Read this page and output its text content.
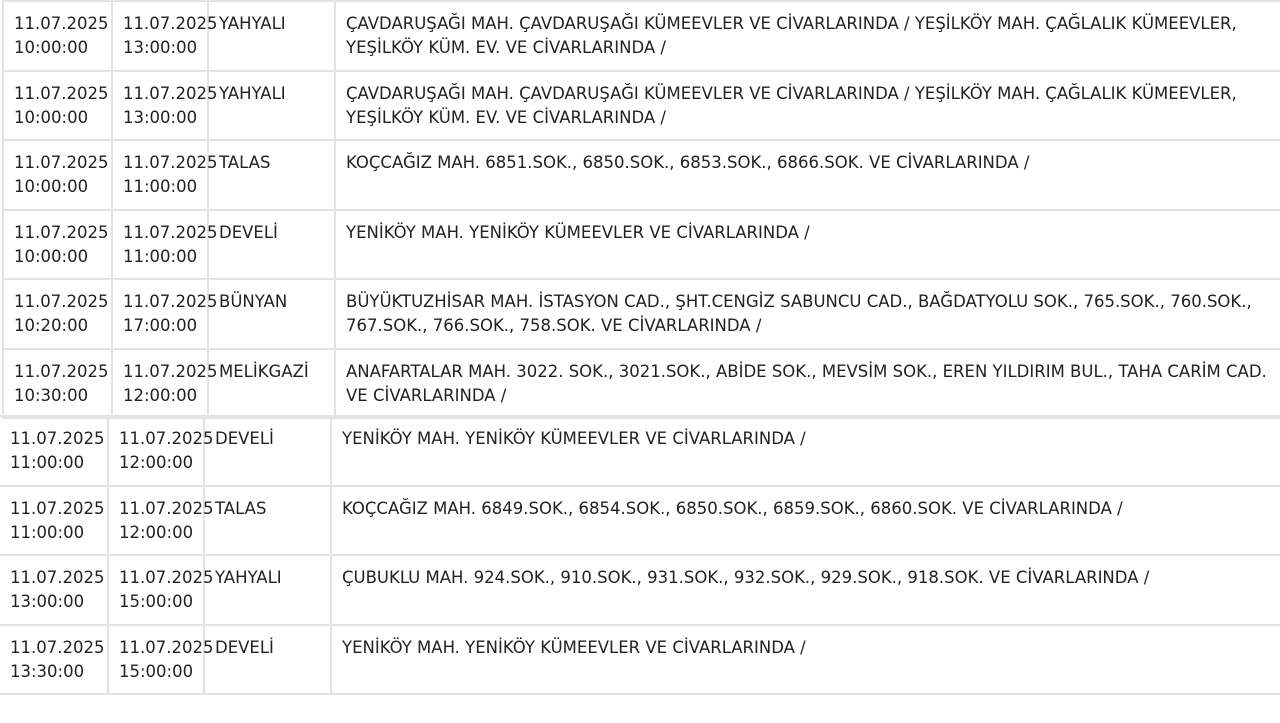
11.07.2025
10:00:00	11.07.2025
13:00:00	YAHYALI	ÇAVDARUŞAĞI MAH. ÇAVDARUŞAĞI KÜMEEVLER VE CİVARLARINDA / YEŞİLKÖY MAH. ÇAĞLALIK KÜMEEVLER, YEŞİLKÖY KÜM. EV. VE CİVARLARINDA /
11.07.2025
10:00:00	11.07.2025
13:00:00	YAHYALI	ÇAVDARUŞAĞI MAH. ÇAVDARUŞAĞI KÜMEEVLER VE CİVARLARINDA / YEŞİLKÖY MAH. ÇAĞLALIK KÜMEEVLER, YEŞİLKÖY KÜM. EV. VE CİVARLARINDA /
11.07.2025
10:00:00	11.07.2025
11:00:00	TALAS	KOÇCAĞIZ MAH. 6851.SOK., 6850.SOK., 6853.SOK., 6866.SOK. VE CİVARLARINDA /
11.07.2025
10:00:00	11.07.2025
11:00:00	DEVELİ	YENİKÖY MAH. YENİKÖY KÜMEEVLER VE CİVARLARINDA /
11.07.2025
10:20:00	11.07.2025
17:00:00	BÜNYAN	BÜYÜKTUZHİSAR MAH. İSTASYON CAD., ŞHT.CENGİZ SABUNCU CAD., BAĞDATYOLU SOK., 765.SOK., 760.SOK., 767.SOK., 766.SOK., 758.SOK. VE CİVARLARINDA /
11.07.2025
10:30:00	11.07.2025
12:00:00	MELİKGAZİ	ANAFARTALAR MAH. 3022. SOK., 3021.SOK., ABİDE SOK., MEVSİM SOK., EREN YILDIRIM BUL., TAHA CARİM CAD. VE CİVARLARINDA /
11.07.2025
11:00:00	11.07.2025
12:00:00	DEVELİ	YENİKÖY MAH. YENİKÖY KÜMEEVLER VE CİVARLARINDA /
11.07.2025
11:00:00	11.07.2025
12:00:00	TALAS	KOÇCAĞIZ MAH. 6849.SOK., 6854.SOK., 6850.SOK., 6859.SOK., 6860.SOK. VE CİVARLARINDA /
11.07.2025
13:00:00	11.07.2025
15:00:00	YAHYALI	ÇUBUKLU MAH. 924.SOK., 910.SOK., 931.SOK., 932.SOK., 929.SOK., 918.SOK. VE CİVARLARINDA /
11.07.2025
13:30:00	11.07.2025
15:00:00	DEVELİ	YENİKÖY MAH. YENİKÖY KÜMEEVLER VE CİVARLARINDA /
